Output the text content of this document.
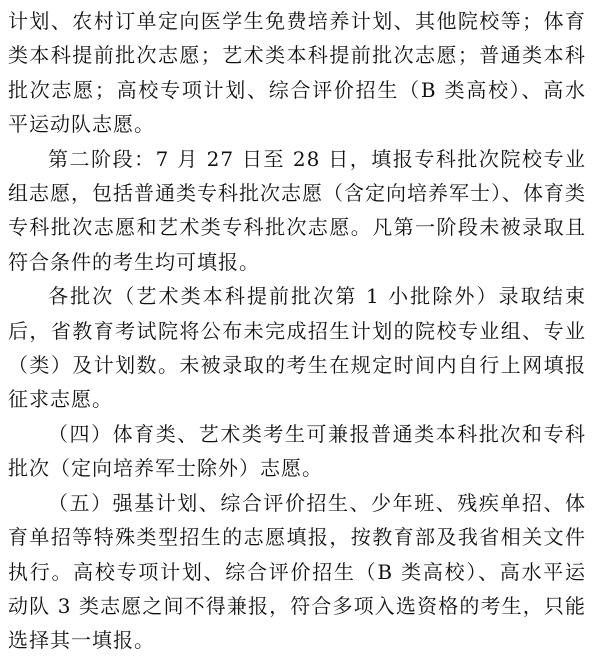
计划、农村订单定向医学生免费培养计划、其他院校等；体育类本科提前批次志愿；艺术类本科提前批次志愿；普通类本科批次志愿；高校专项计划、综合评价招生（B 类高校）、高水平运动队志愿。

第二阶段：7 月 27 日至 28 日，填报专科批次院校专业组志愿，包括普通类专科批次志愿（含定向培养军士）、体育类专科批次志愿和艺术类专科批次志愿。凡第一阶段未被录取且符合条件的考生均可填报。

各批次（艺术类本科提前批次第 1 小批除外）录取结束后，省教育考试院将公布未完成招生计划的院校专业组、专业（类）及计划数。未被录取的考生在规定时间内自行上网填报征求志愿。

（四）体育类、艺术类考生可兼报普通类本科批次和专科批次（定向培养军士除外）志愿。

（五）强基计划、综合评价招生、少年班、残疾单招、体育单招等特殊类型招生的志愿填报，按教育部及我省相关文件执行。高校专项计划、综合评价招生（B 类高校）、高水平运动队 3 类志愿之间不得兼报，符合多项入选资格的考生，只能选择其一填报。
